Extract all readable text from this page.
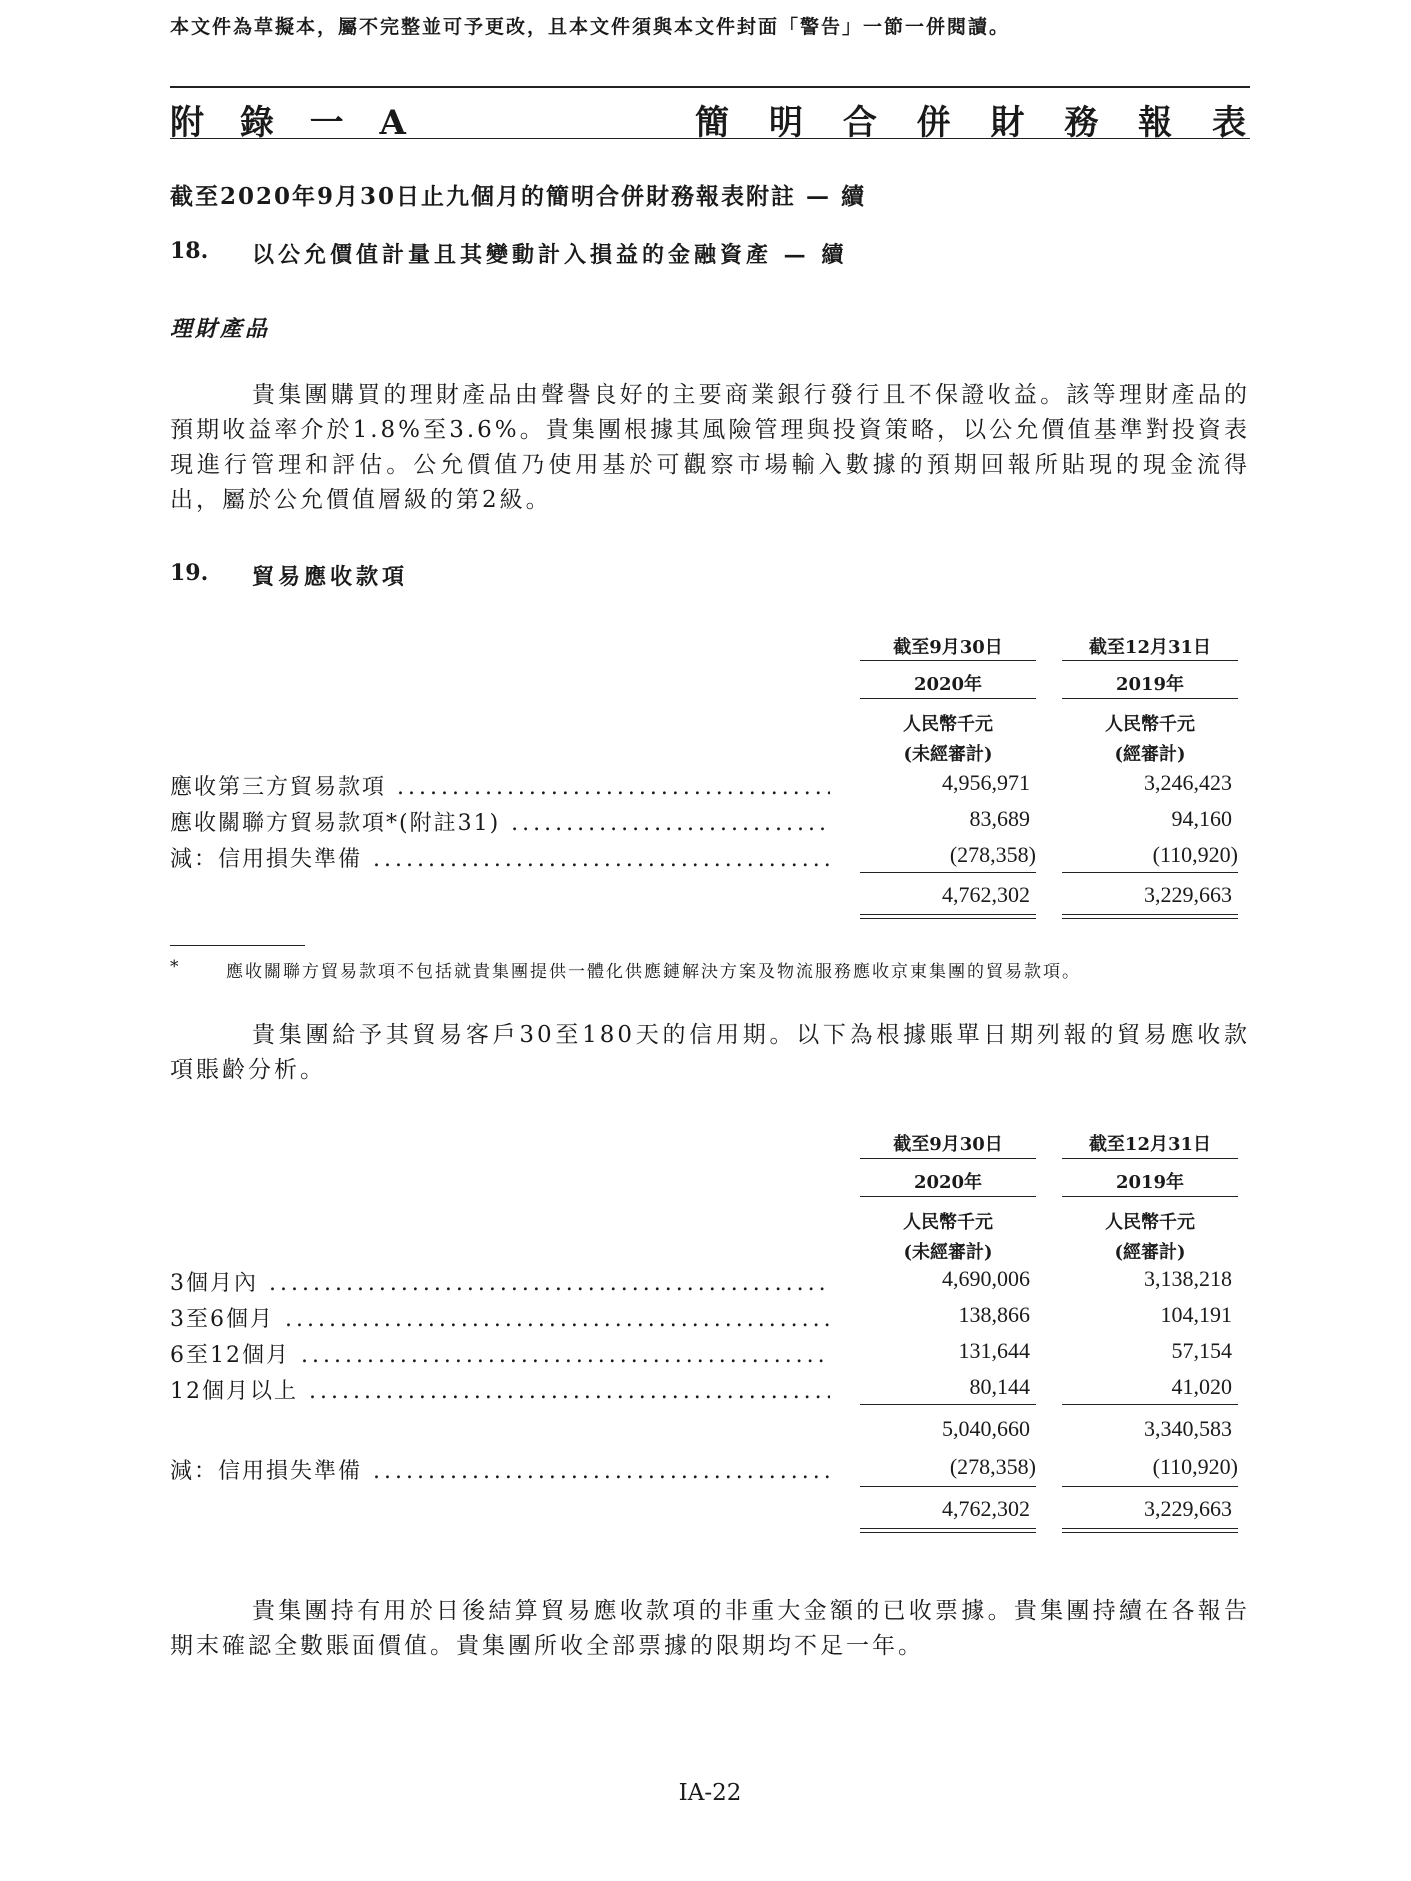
本文件為草擬本，屬不完整並可予更改，且本文件須與本文件封面「警告」一節一併閱讀。
附 錄 一 A	簡 明 合 併 財 務 報 表
截至2020年9月30日止九個月的簡明合併財務報表附註 — 續
18. 以公允價值計量且其變動計入損益的金融資產 — 續
理財產品
貴集團購買的理財產品由聲譽良好的主要商業銀行發行且不保證收益。該等理財產品的預期收益率介於1.8%至3.6%。貴集團根據其風險管理與投資策略，以公允價值基準對投資表現進行管理和評估。公允價值乃使用基於可觀察市場輸入數據的預期回報所貼現的現金流得出，屬於公允價值層級的第2級。
19. 貿易應收款項
截至9月30日	截至12月31日
2020年	2019年
人民幣千元	人民幣千元
(未經審計)	(經審計)
應收第三方貿易款項 .....	4,956,971	3,246,423
應收關聯方貿易款項*(附註31) .....	83,689	94,160
減：信用損失準備 .....	(278,358)	(110,920)
4,762,302	3,229,663
*	應收關聯方貿易款項不包括就貴集團提供一體化供應鏈解決方案及物流服務應收京東集團的貿易款項。
貴集團給予其貿易客戶30至180天的信用期。以下為根據賬單日期列報的貿易應收款項賬齡分析。
截至9月30日	截至12月31日
2020年	2019年
人民幣千元	人民幣千元
(未經審計)	(經審計)
3個月內 .....	4,690,006	3,138,218
3至6個月 .....	138,866	104,191
6至12個月 .....	131,644	57,154
12個月以上 .....	80,144	41,020
5,040,660	3,340,583
減：信用損失準備 .....	(278,358)	(110,920)
4,762,302	3,229,663
貴集團持有用於日後結算貿易應收款項的非重大金額的已收票據。貴集團持續在各報告期末確認全數賬面價值。貴集團所收全部票據的限期均不足一年。
IA-22
